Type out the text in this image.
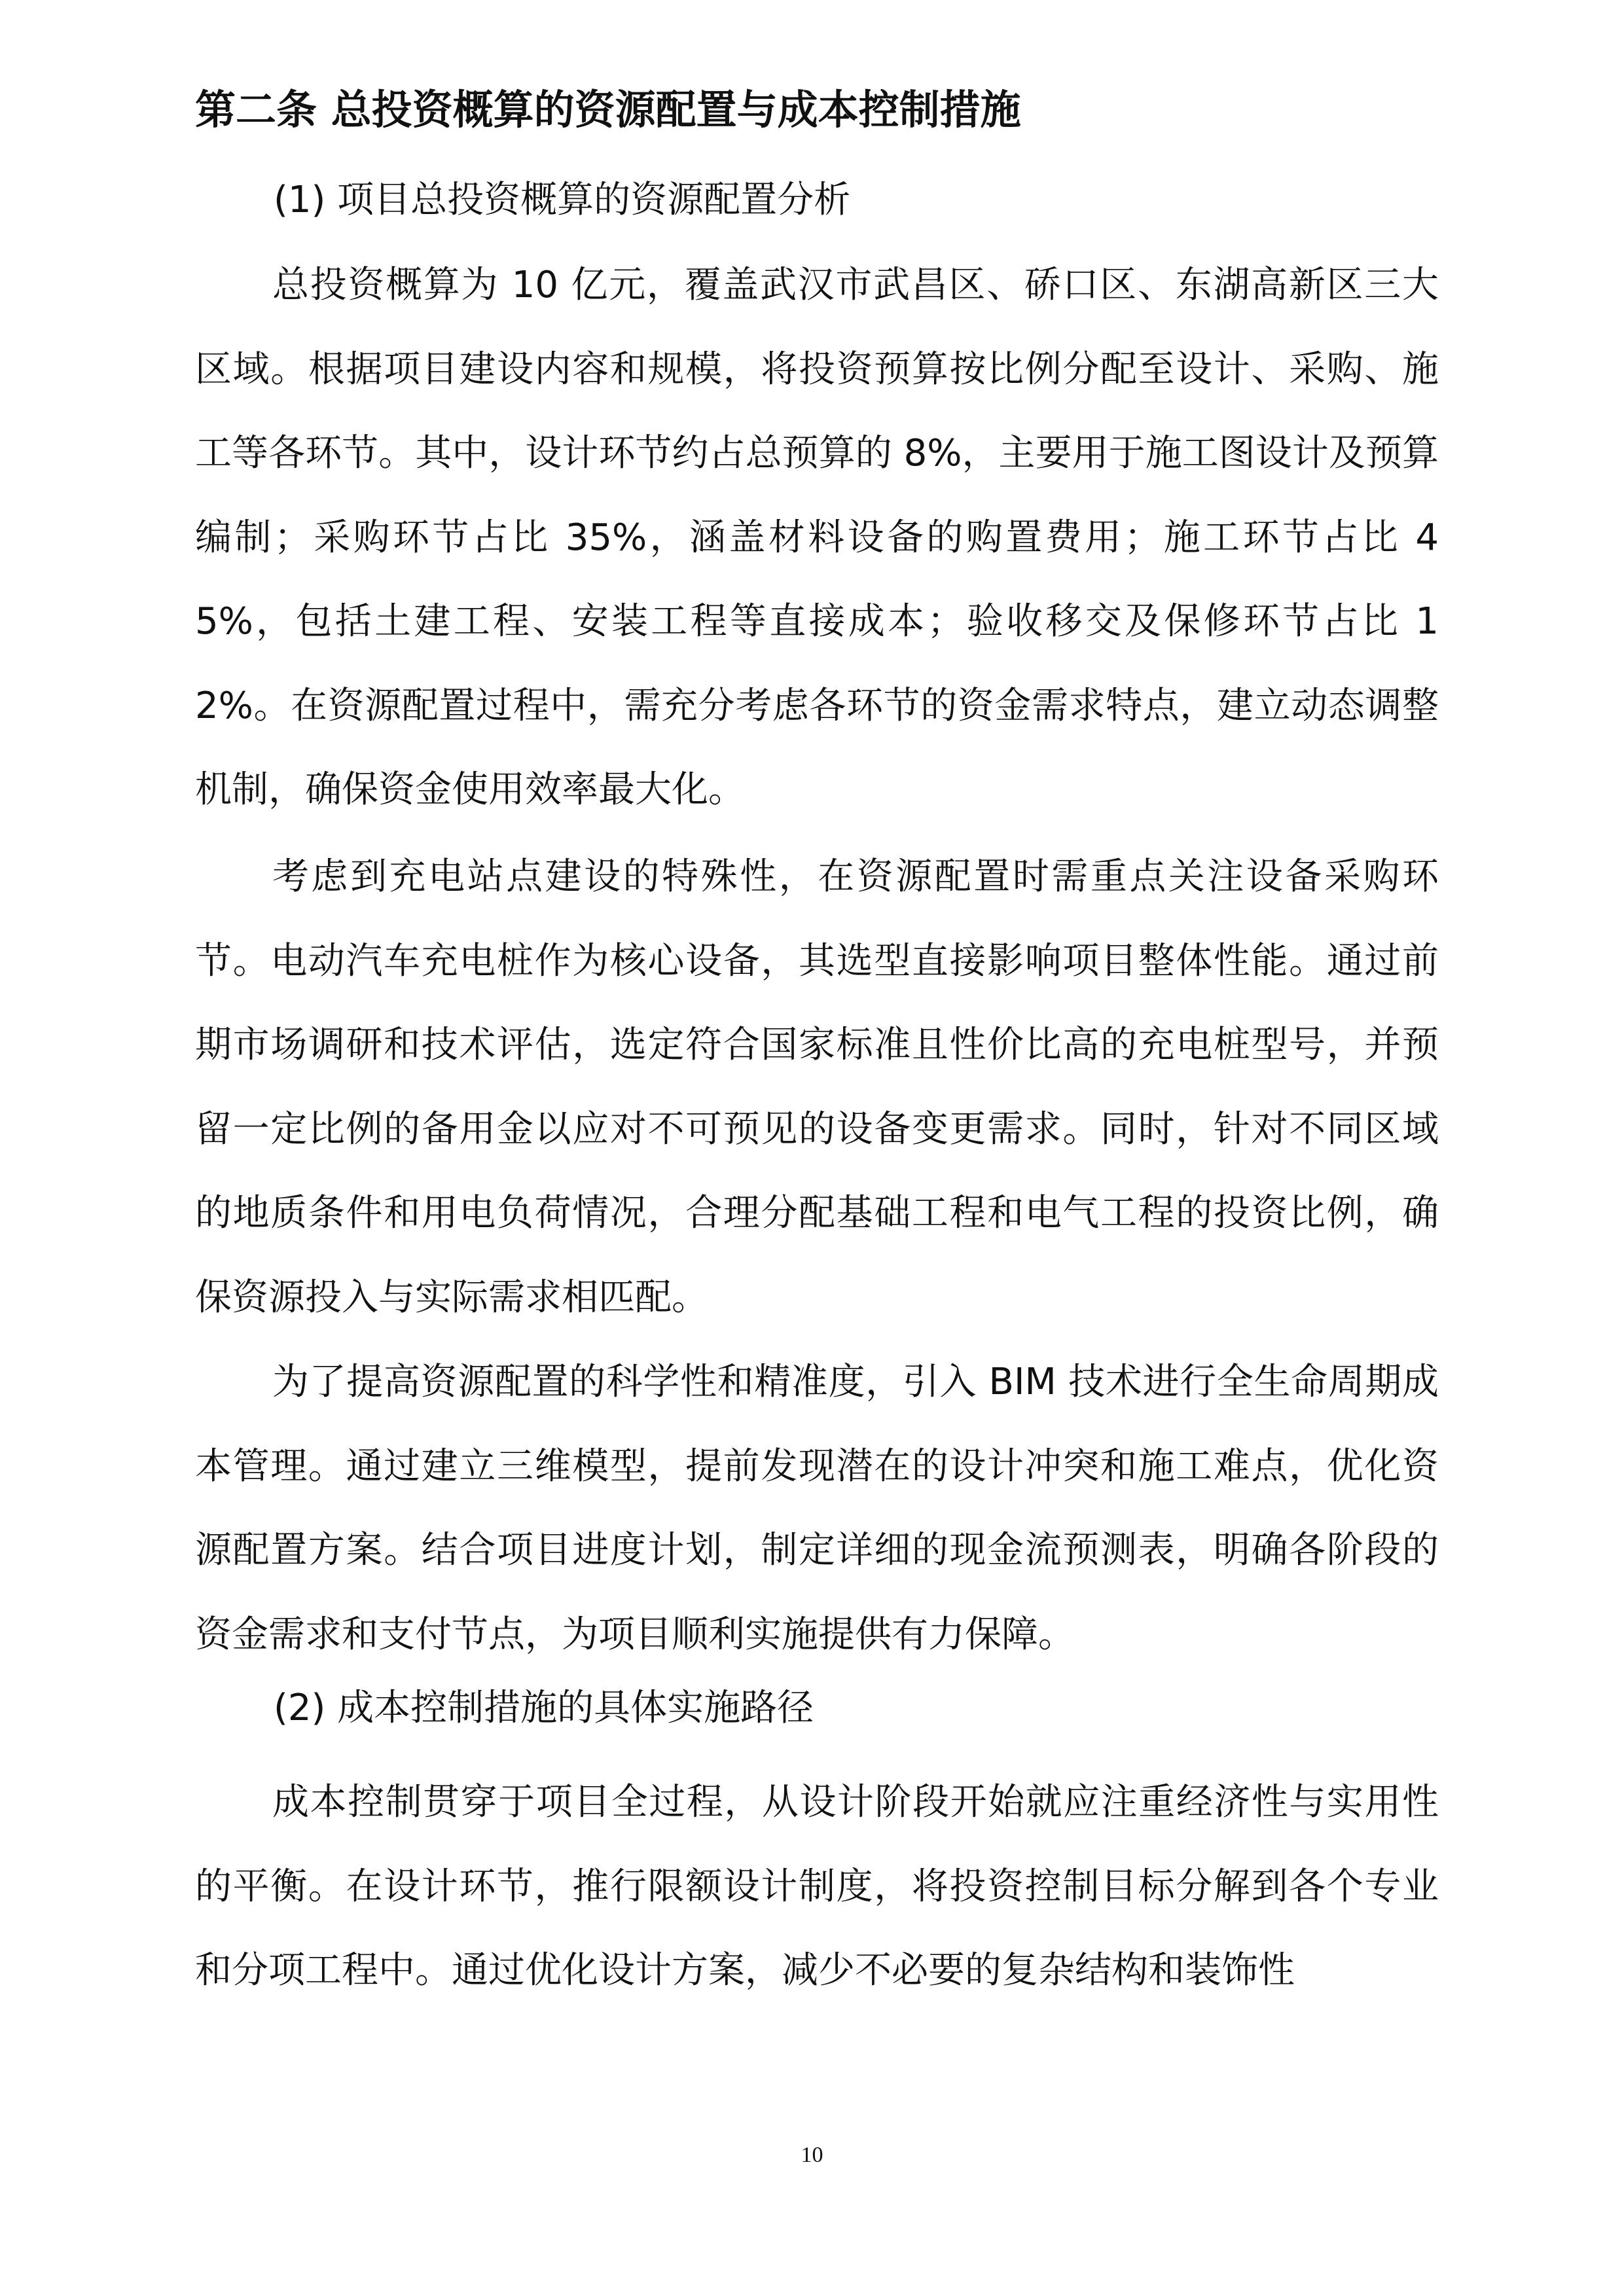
第二条 总投资概算的资源配置与成本控制措施

(1) 项目总投资概算的资源配置分析

总投资概算为 10 亿元，覆盖武汉市武昌区、硚口区、东湖高新区三大区域。根据项目建设内容和规模，将投资预算按比例分配至设计、采购、施工等各环节。其中，设计环节约占总预算的 8%，主要用于施工图设计及预算编制；采购环节占比 35%，涵盖材料设备的购置费用；施工环节占比 45%，包括土建工程、安装工程等直接成本；验收移交及保修环节占比 12%。在资源配置过程中，需充分考虑各环节的资金需求特点，建立动态调整机制，确保资金使用效率最大化。

考虑到充电站点建设的特殊性，在资源配置时需重点关注设备采购环节。电动汽车充电桩作为核心设备，其选型直接影响项目整体性能。通过前期市场调研和技术评估，选定符合国家标准且性价比高的充电桩型号，并预留一定比例的备用金以应对不可预见的设备变更需求。同时，针对不同区域的地质条件和用电负荷情况，合理分配基础工程和电气工程的投资比例，确保资源投入与实际需求相匹配。

为了提高资源配置的科学性和精准度，引入 BIM 技术进行全生命周期成本管理。通过建立三维模型，提前发现潜在的设计冲突和施工难点，优化资源配置方案。结合项目进度计划，制定详细的现金流预测表，明确各阶段的资金需求和支付节点，为项目顺利实施提供有力保障。

(2) 成本控制措施的具体实施路径

成本控制贯穿于项目全过程，从设计阶段开始就应注重经济性与实用性的平衡。在设计环节，推行限额设计制度，将投资控制目标分解到各个专业和分项工程中。通过优化设计方案，减少不必要的复杂结构和装饰性

10
